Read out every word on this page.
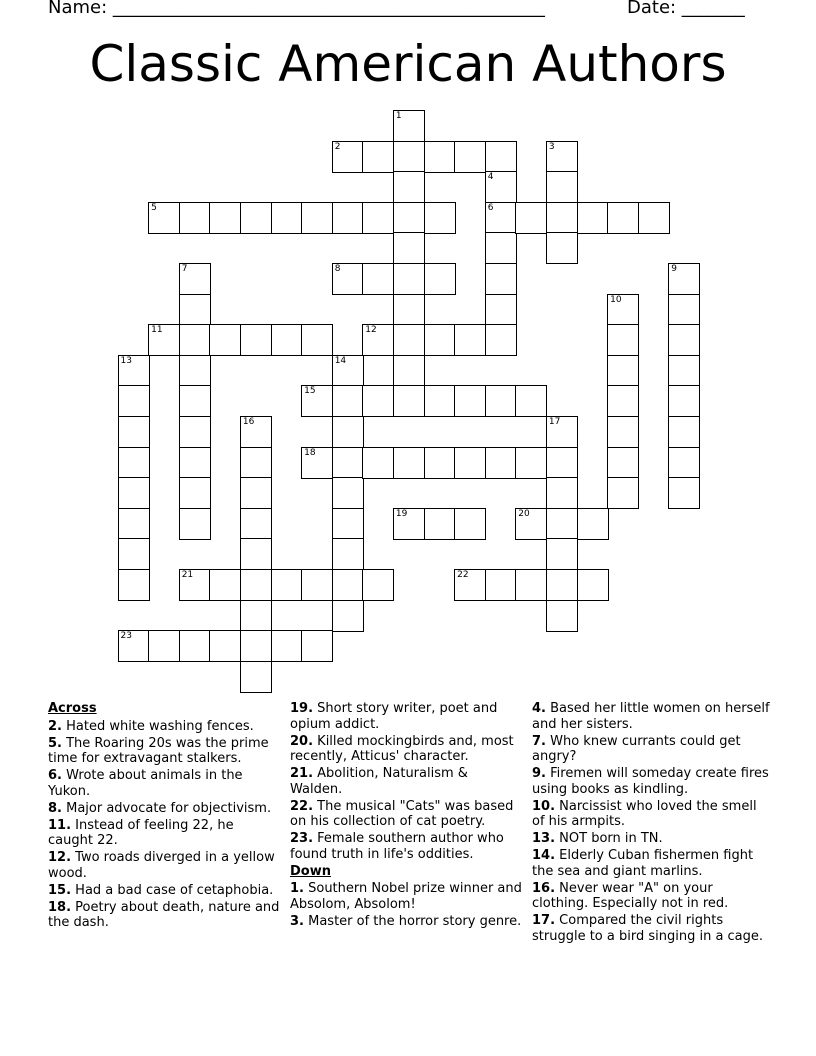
Name: ________________________________________________	Date: _______
Classic American Authors
1
2	3
4
6
5
7	8	9
10
11	12
13	14
15
16	17
18
19	20
21	22
23
Across
2. Hated white washing fences.
5. The Roaring 20s was the prime time for extravagant stalkers.
6. Wrote about animals in the Yukon.
8. Major advocate for objectivism.
11. Instead of feeling 22, he caught 22.
12. Two roads diverged in a yellow wood.
15. Had a bad case of cetaphobia.
18. Poetry about death, nature and the dash.
19. Short story writer, poet and opium addict.
20. Killed mockingbirds and, most recently, Atticus' character.
21. Abolition, Naturalism & Walden.
22. The musical "Cats" was based on his collection of cat poetry.
23. Female southern author who found truth in life's oddities.
Down
1. Southern Nobel prize winner and Absolom, Absolom!
3. Master of the horror story genre.
4. Based her little women on herself and her sisters.
7. Who knew currants could get angry?
9. Firemen will someday create fires using books as kindling.
10. Narcissist who loved the smell of his armpits.
13. NOT born in TN.
14. Elderly Cuban fishermen fight the sea and giant marlins.
16. Never wear "A" on your clothing. Especially not in red.
17. Compared the civil rights struggle to a bird singing in a cage.
